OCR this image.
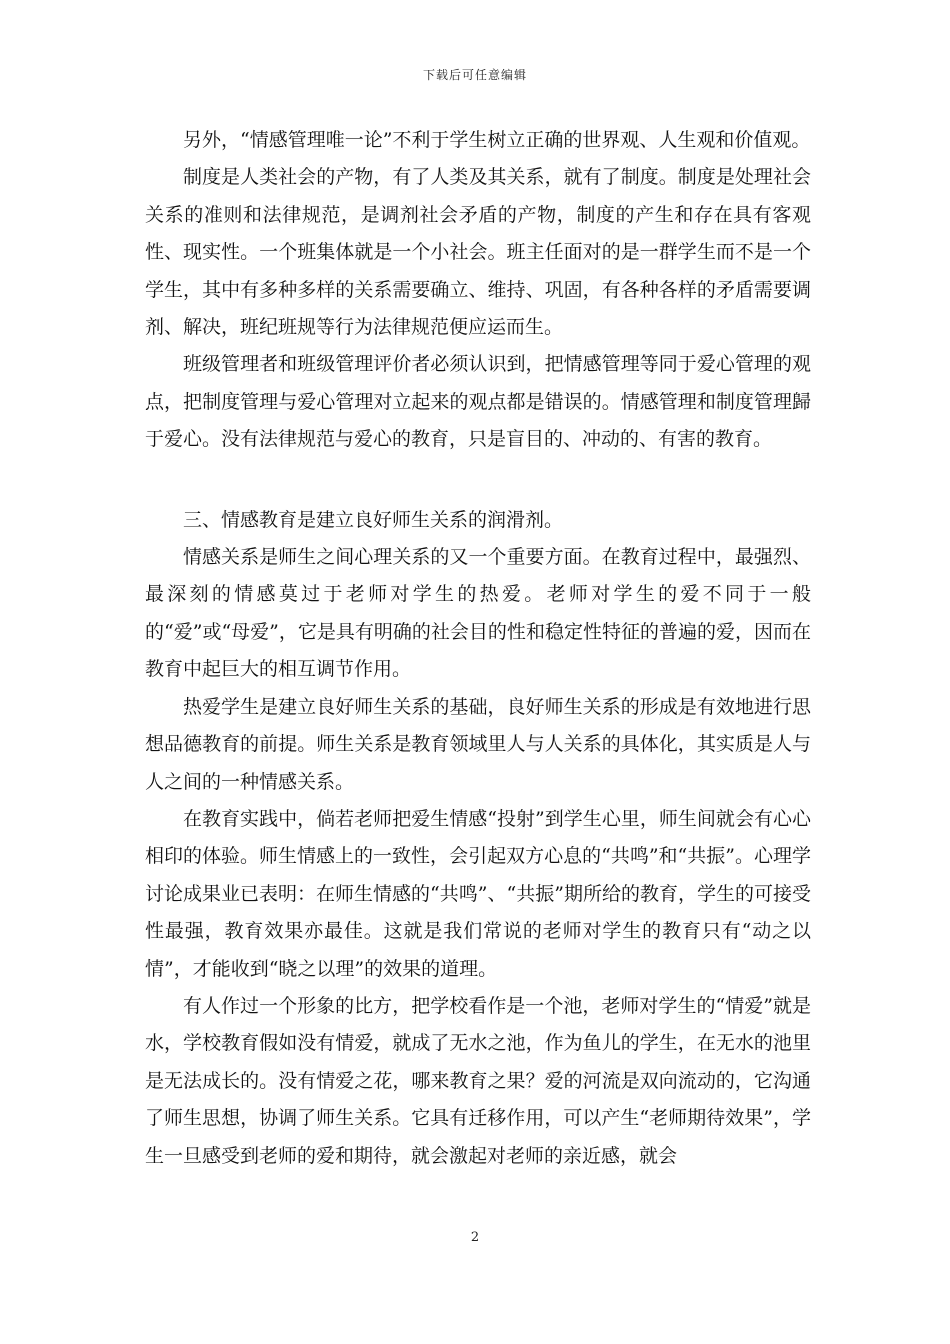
下载后可任意编辑

另外，“情感管理唯一论”不利于学生树立正确的世界观、人生观和价值观。

制度是人类社会的产物，有了人类及其关系，就有了制度。制度是处理社会关系的准则和法律规范，是调剂社会矛盾的产物，制度的产生和存在具有客观性、现实性。一个班集体就是一个小社会。班主任面对的是一群学生而不是一个学生，其中有多种多样的关系需要确立、维持、巩固，有各种各样的矛盾需要调剂、解决，班纪班规等行为法律规范便应运而生。

班级管理者和班级管理评价者必须认识到，把情感管理等同于爱心管理的观点，把制度管理与爱心管理对立起来的观点都是错误的。情感管理和制度管理歸于爱心。没有法律规范与爱心的教育，只是盲目的、冲动的、有害的教育。

三、情感教育是建立良好师生关系的润滑剂。

情感关系是师生之间心理关系的又一个重要方面。在教育过程中，最强烈、最深刻的情感莫过于老师对学生的热爱。老师对学生的爱不同于一般的“爱”或“母爱”，它是具有明确的社会目的性和稳定性特征的普遍的爱，因而在教育中起巨大的相互调节作用。

热爱学生是建立良好师生关系的基础，良好师生关系的形成是有效地进行思想品德教育的前提。师生关系是教育领域里人与人关系的具体化，其实质是人与人之间的一种情感关系。

在教育实践中，倘若老师把爱生情感“投射”到学生心里，师生间就会有心心相印的体验。师生情感上的一致性，会引起双方心息的“共鸣”和“共振”。心理学讨论成果业已表明：在师生情感的“共鸣”、“共振”期所给的教育，学生的可接受性最强，教育效果亦最佳。这就是我们常说的老师对学生的教育只有“动之以情”，才能收到“晓之以理”的效果的道理。

有人作过一个形象的比方，把学校看作是一个池，老师对学生的“情爱”就是水，学校教育假如没有情爱，就成了无水之池，作为鱼儿的学生，在无水的池里是无法成长的。没有情爱之花，哪来教育之果？爱的河流是双向流动的，它沟通了师生思想，协调了师生关系。它具有迁移作用，可以产生“老师期待效果”，学生一旦感受到老师的爱和期待，就会激起对老师的亲近感，就会

2
